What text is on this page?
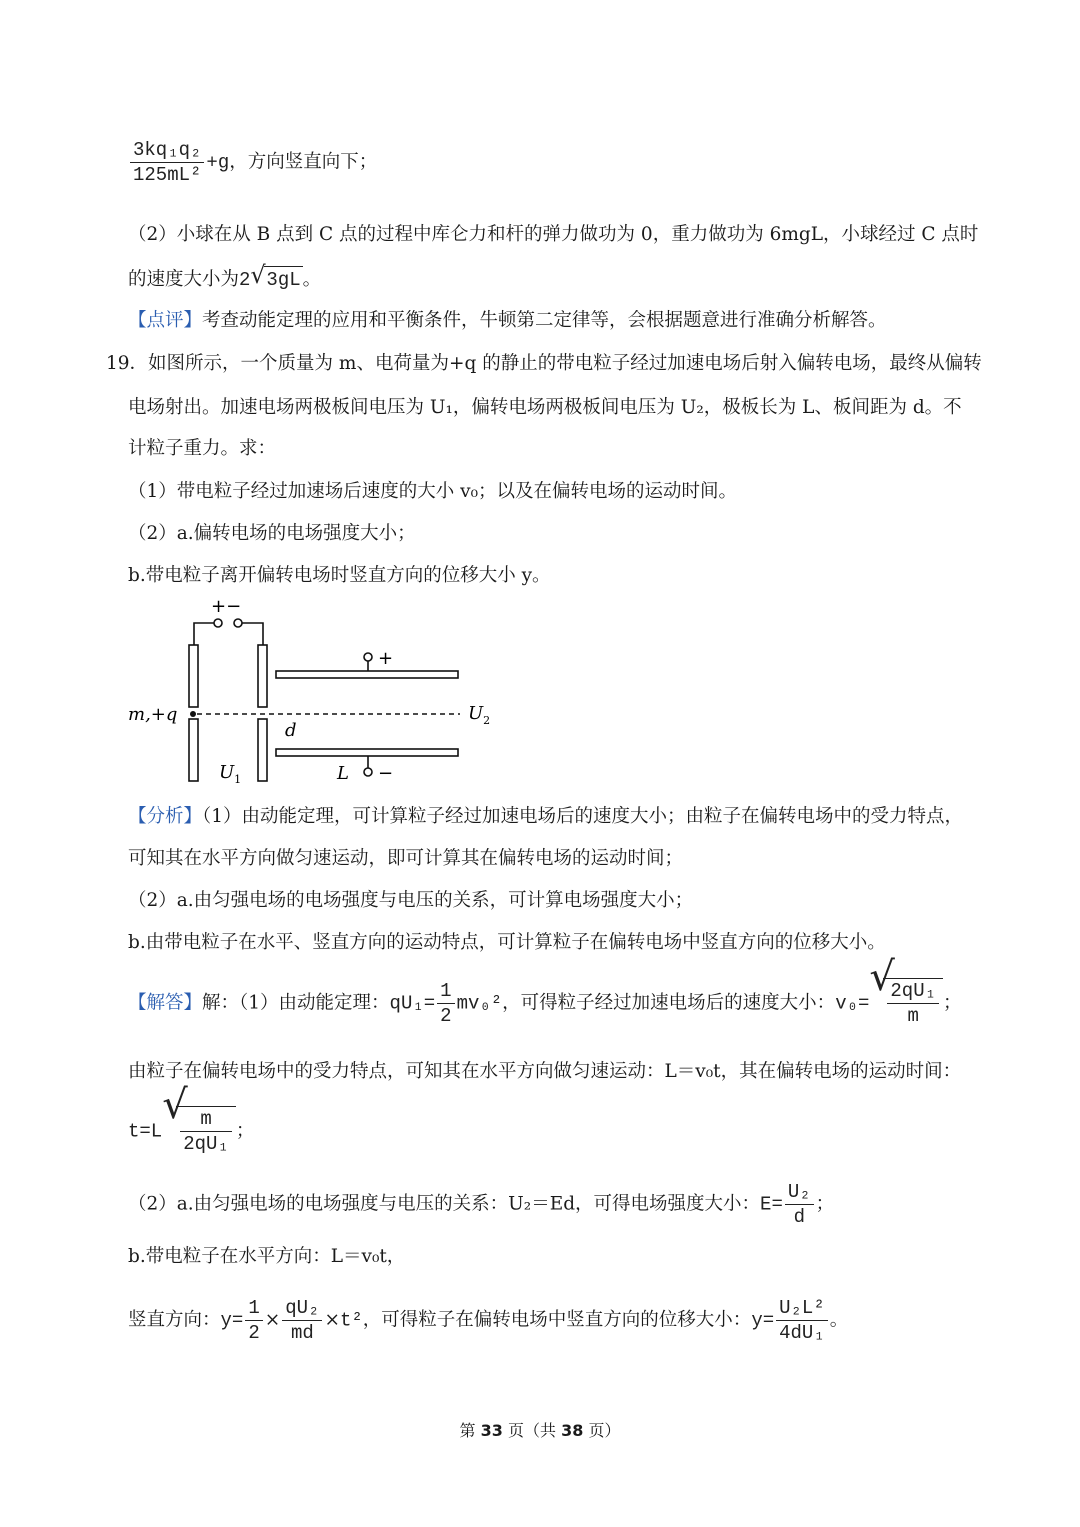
$\frac{\text{3kq₁q₂}}{\text{125mL²}} +g$，方向竖直向下；
（2）小球在从 B 点到 C 点的过程中库仑力和杆的弹力做功为 0，重力做功为 6mgL，小球经过 C 点时
的速度大小为2 √ 3gL 。
【点评】考查动能定理的应用和平衡条件，牛顿第二定律等，会根据题意进行准确分析解答。
19．如图所示，一个质量为 m、电荷量为+q 的静止的带电粒子经过加速电场后射入偏转电场，最终从偏转
电场射出。加速电场两极板间电压为 U₁，偏转电场两极板间电压为 U₂，极板长为 L、板间距为 d。不
计粒子重力。求：
（1）带电粒子经过加速场后速度的大小 v₀；以及在偏转电场的运动时间。
（2）a.偏转电场的电场强度大小；
b.带电粒子离开偏转电场时竖直方向的位移大小 y。
+−
+
−
m,+q	$U_2$
$U_1$
d
L
【分析】（1）由动能定理，可计算粒子经过加速电场后的速度大小；由粒子在偏转电场中的受力特点，
可知其在水平方向做匀速运动，即可计算其在偏转电场的运动时间；
（2）a.由匀强电场的电场强度与电压的关系，可计算电场强度大小；
b.由带电粒子在水平、竖直方向的运动特点，可计算粒子在偏转电场中竖直方向的位移大小。
【解答】解：（1）由动能定理：$qU_1= \frac{1}{2} mv_0^2$，可得粒子经过加速电场后的速度大小：v₀=
√
$\frac{\text{2qU₁}}{m}$ ；
由粒子在偏转电场中的受力特点，可知其在水平方向做匀速运动：L＝v₀t，其在偏转电场的运动时间：
t=L
√
$\frac{m}{\text{2qU₁}}$ ；
（2）a.由匀强电场的电场强度与电压的关系：U₂＝Ed，可得电场强度大小：$E= \frac{\text{U₂}}{d}$ ；
b.带电粒子在水平方向：L＝v₀t，
竖直方向：$y= \frac{1}{2} \times \frac{\text{qU₂}}{md} \times t^2$，可得粒子在偏转电场中竖直方向的位移大小：$y= \frac{\text{U₂L²}}{\text{4dU₁}}$ 。
第 33 页（共 38 页）
